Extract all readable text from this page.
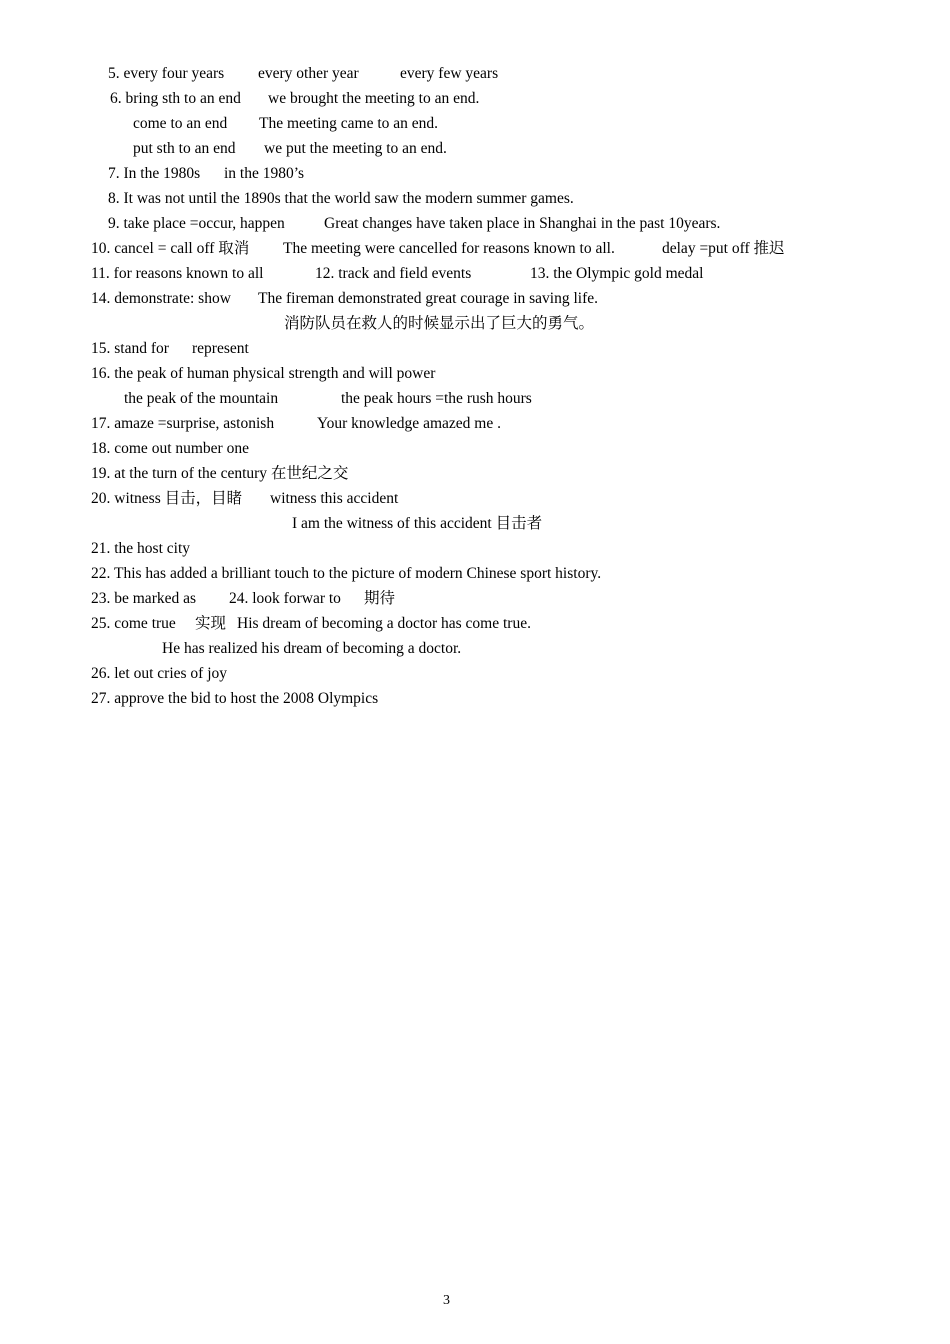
5. every four years every other year	every few years
6. bring sth to an end we brought the meeting to an end.
come to an end The meeting came to an end.
put sth to an end we put the meeting to an end.
7. In the 1980s in the 1980’s
8. It was not until the 1890s that the world saw the modern summer games.
9. take place =occur, happen	Great changes have taken place in Shanghai in the past 10years.
10. cancel = call off 取消 The meeting were cancelled for reasons known to all.	delay =put off 推迟
11. for reasons known to all	12. track and field events	13. the Olympic gold medal
14. demonstrate: show The fireman demonstrated great courage in saving life.
消防队员在救人的时候显示出了巨大的勇气。
15. stand for represent
16. the peak of human physical strength and will power
the peak of the mountain	the peak hours =the rush hours
17. amaze =surprise, astonish	Your knowledge amazed me .
18. come out number one
19. at the turn of the century 在世纪之交
20. witness 目击，目睹 witness this accident
I am the witness of this accident 目击者
21. the host city
22. This has added a brilliant touch to the picture of modern Chinese sport history.
23. be marked as 24. look forwar to 期待
25. come true 实现 His dream of becoming a doctor has come true.
He has realized his dream of becoming a doctor.
26. let out cries of joy
27. approve the bid to host the 2008 Olympics
3
